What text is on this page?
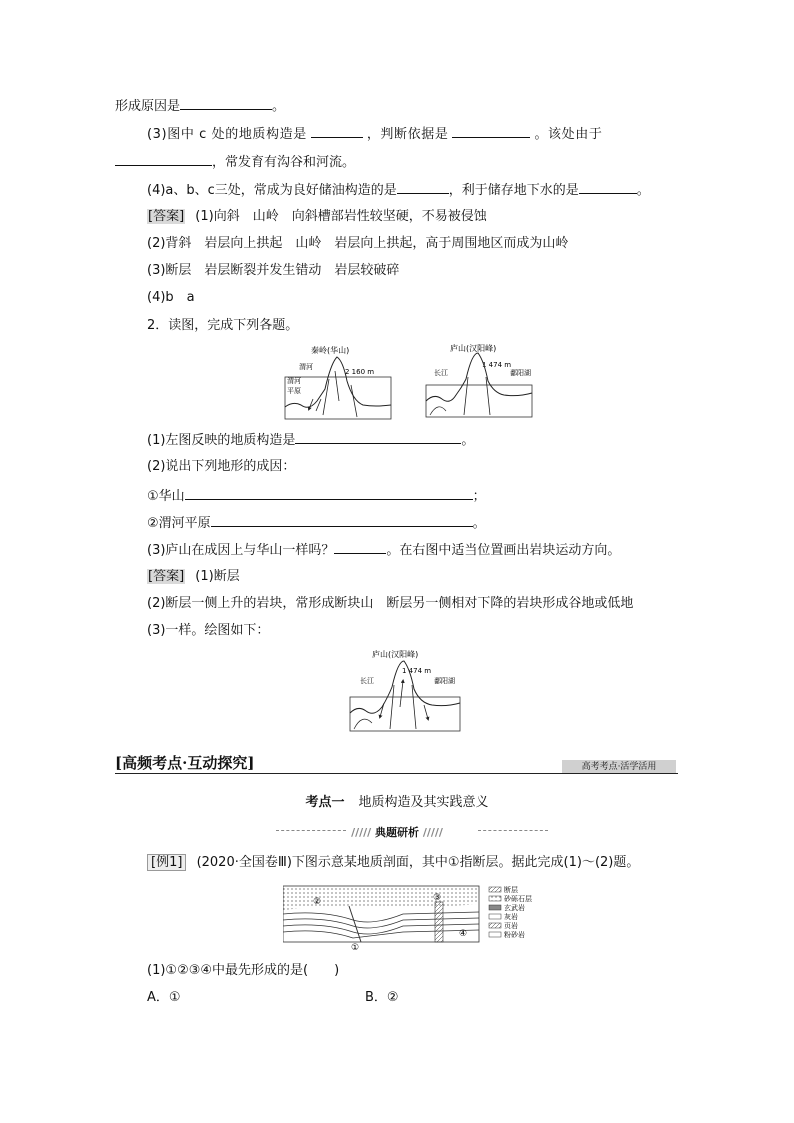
形成原因是	。
(3)图中 c 处的地质构造是	，判断依据是	。该处由于
，常发育有沟谷和河流。
(4)a、b、c三处，常成为良好储油构造的是	，利于储存地下水的是	。
[答案] (1)向斜　山岭　向斜槽部岩性较坚硬，不易被侵蚀
(2)背斜　岩层向上拱起　山岭　岩层向上拱起，高于周围地区而成为山岭
(3)断层　岩层断裂并发生错动　岩层较破碎
(4)b　a
2．读图，完成下列各题。
秦岭(华山)
2 160 m
渭河
渭河
平原
庐山(汉阳峰)
1 474 m
长江	鄱阳湖
(1)左图反映的地质构造是	。
(2)说出下列地形的成因：
①华山	；
②渭河平原	。
(3)庐山在成因上与华山一样吗？	。在右图中适当位置画出岩块运动方向。
[答案] (1)断层
(2)断层一侧上升的岩块，常形成断块山　断层另一侧相对下降的岩块形成谷地或低地
(3)一样。绘图如下：
庐山(汉阳峰)
1 474 m
长江	鄱阳湖
[高频考点·互动探究]	高考考点·活学活用
考点一 地质构造及其实践意义
///// 典题研析 /////
[例1] (2020·全国卷Ⅲ)下图示意某地质剖面，其中①指断层。据此完成(1)～(2)题。
②	③
④
①
断层
砂砾石层
玄武岩
灰岩
页岩
粉砂岩
(1)①②③④中最先形成的是(　　)
A．①	B．②
